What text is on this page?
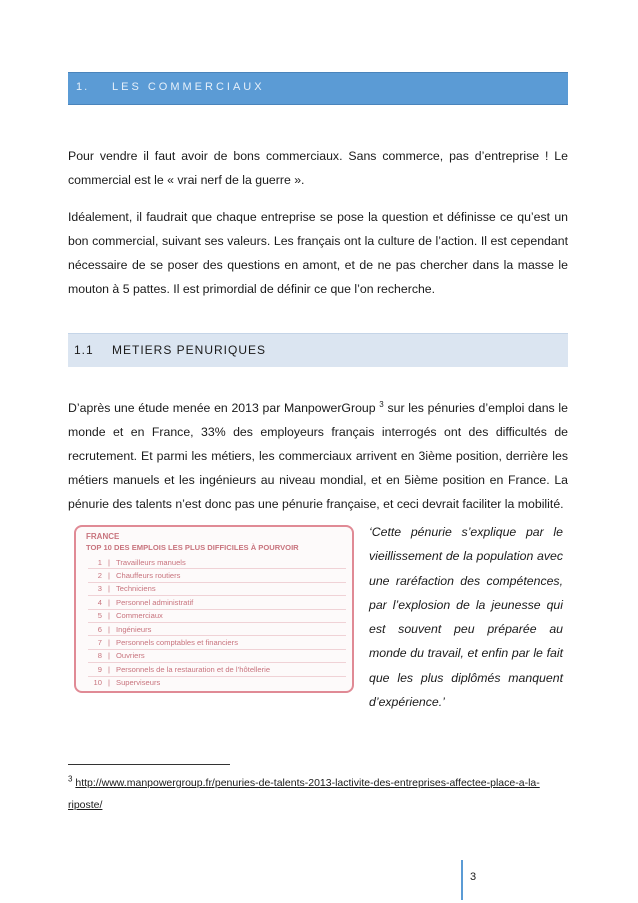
1. LES COMMERCIAUX

Pour vendre il faut avoir de bons commerciaux. Sans commerce, pas d’entreprise ! Le commercial est le « vrai nerf de la guerre ».

Idéalement, il faudrait que chaque entreprise se pose la question et définisse ce qu’est un bon commercial, suivant ses valeurs. Les français ont la culture de l’action. Il est cependant nécessaire de se poser des questions en amont, et de ne pas chercher dans la masse le mouton à 5 pattes. Il est primordial de définir ce que l’on recherche.

1.1 METIERS PENURIQUES

D’après une étude menée en 2013 par ManpowerGroup $^3$ sur les pénuries d’emploi dans le monde et en France, 33% des employeurs français interrogés ont des difficultés de recrutement. Et parmi les métiers, les commerciaux arrivent en 3ième position, derrière les métiers manuels et les ingénieurs au niveau mondial, et en 5ième position en France. La pénurie des talents n’est donc pas une pénurie française, et ceci devrait faciliter la mobilité.

FRANCE
TOP 10 DES EMPLOIS LES PLUS DIFFICILES À POURVOIR
1 | Travailleurs manuels
2 | Chauffeurs routiers
3 | Techniciens
4 | Personnel administratif
5 | Commerciaux
6 | Ingénieurs
7 | Personnels comptables et financiers
8 | Ouvriers
9 | Personnels de la restauration et de l’hôtellerie
10 | Superviseurs
‘Cette pénurie s’explique par le vieillissement de la population avec une raréfaction des compétences, par l’explosion de la jeunesse qui est souvent peu préparée au monde du travail, et enfin par le fait que les plus diplômés manquent d’expérience.’
$^3$ http://www.manpowergroup.fr/penuries-de-talents-2013-lactivite-des-entreprises-affectee-place-a-la-riposte/
3
